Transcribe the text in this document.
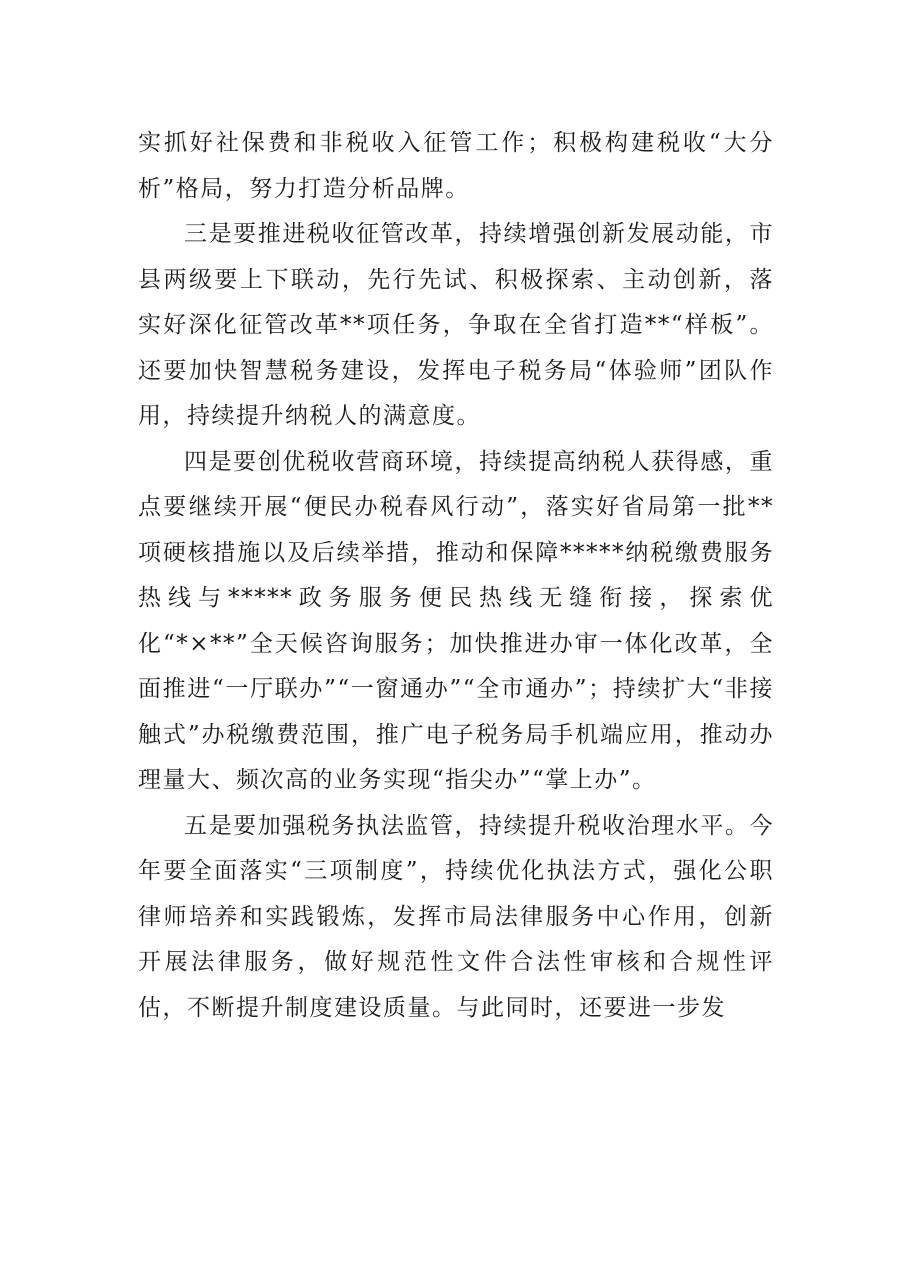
实抓好社保费和非税收入征管工作；积极构建税收“大分析”格局，努力打造分析品牌。

三是要推进税收征管改革，持续增强创新发展动能，市县两级要上下联动，先行先试、积极探索、主动创新，落实好深化征管改革**项任务，争取在全省打造**“样板”。还要加快智慧税务建设，发挥电子税务局“体验师”团队作用，持续提升纳税人的满意度。

四是要创优税收营商环境，持续提高纳税人获得感，重点要继续开展“便民办税春风行动”，落实好省局第一批**项硬核措施以及后续举措，推动和保障*****纳税缴费服务热线与*****政务服务便民热线无缝衔接，探索优化“*×**”全天候咨询服务；加快推进办审一体化改革，全面推进“一厅联办”“一窗通办”“全市通办”；持续扩大“非接触式”办税缴费范围，推广电子税务局手机端应用，推动办理量大、频次高的业务实现“指尖办”“掌上办”。

五是要加强税务执法监管，持续提升税收治理水平。今年要全面落实“三项制度”，持续优化执法方式，强化公职律师培养和实践锻炼，发挥市局法律服务中心作用，创新开展法律服务，做好规范性文件合法性审核和合规性评估，不断提升制度建设质量。与此同时，还要进一步发
